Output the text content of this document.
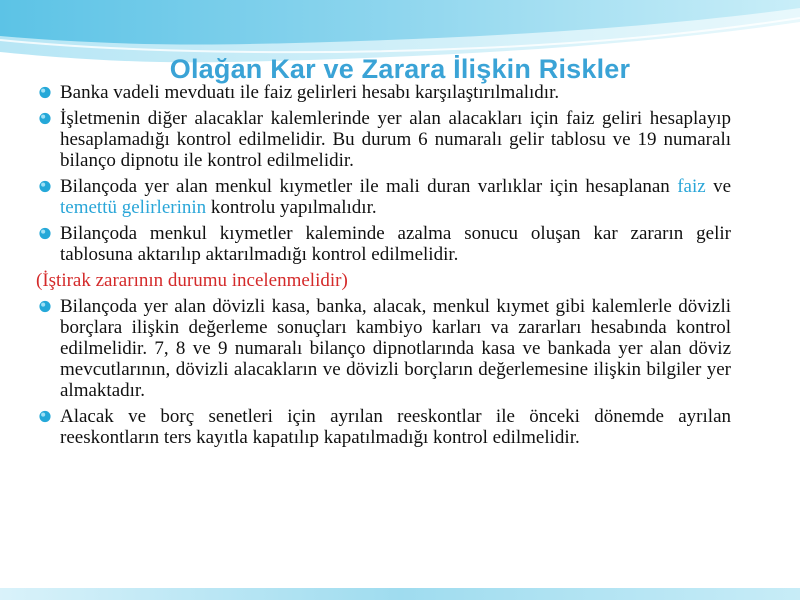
Olağan Kar ve Zarara İlişkin Riskler
Banka vadeli mevduatı ile faiz gelirleri hesabı karşılaştırılmalıdır.
İşletmenin diğer alacaklar kalemlerinde yer alan alacakları için faiz geliri hesaplayıp hesaplamadığı kontrol edilmelidir. Bu durum 6 numaralı gelir tablosu ve 19 numaralı bilanço dipnotu ile kontrol edilmelidir.
Bilançoda yer alan menkul kıymetler ile mali duran varlıklar için hesaplanan faiz ve temettü gelirlerinin kontrolu yapılmalıdır.
Bilançoda menkul kıymetler kaleminde azalma sonucu oluşan kar zararın gelir tablosuna aktarılıp aktarılmadığı kontrol edilmelidir.
(İştirak zararının durumu incelenmelidir)
Bilançoda yer alan dövizli kasa, banka, alacak, menkul kıymet gibi kalemlerle dövizli borçlara ilişkin değerleme sonuçları kambiyo karları va zararları hesabında kontrol edilmelidir. 7, 8 ve 9 numaralı bilanço dipnotlarında kasa ve bankada yer alan döviz mevcutlarının, dövizli alacakların ve dövizli borçların değerlemesine ilişkin bilgiler yer almaktadır.
Alacak ve borç senetleri için ayrılan reeskontlar ile önceki dönemde ayrılan reeskontların ters kayıtla kapatılıp kapatılmadığı kontrol edilmelidir.
